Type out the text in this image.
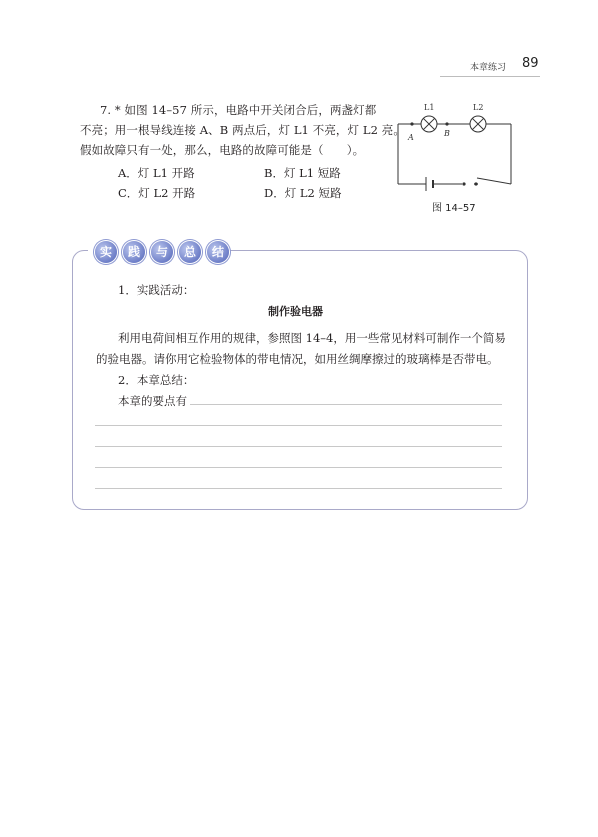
本章练习 89
7. * 如图 14–57 所示，电路中开关闭合后，两盏灯都
不亮；用一根导线连接 A、B 两点后，灯 L1 不亮，灯 L2 亮。
假如故障只有一处，那么，电路的故障可能是（　　）。
A．灯 L1 开路	B．灯 L1 短路
C．灯 L2 开路	D．灯 L2 短路
A	B
L1	L2
图 14–57
实	践	与	总	结
1．实践活动：
制作验电器
利用电荷间相互作用的规律，参照图 14–4，用一些常见材料可制作一个简易
的验电器。请你用它检验物体的带电情况，如用丝绸摩擦过的玻璃棒是否带电。
2．本章总结：
本章的要点有
